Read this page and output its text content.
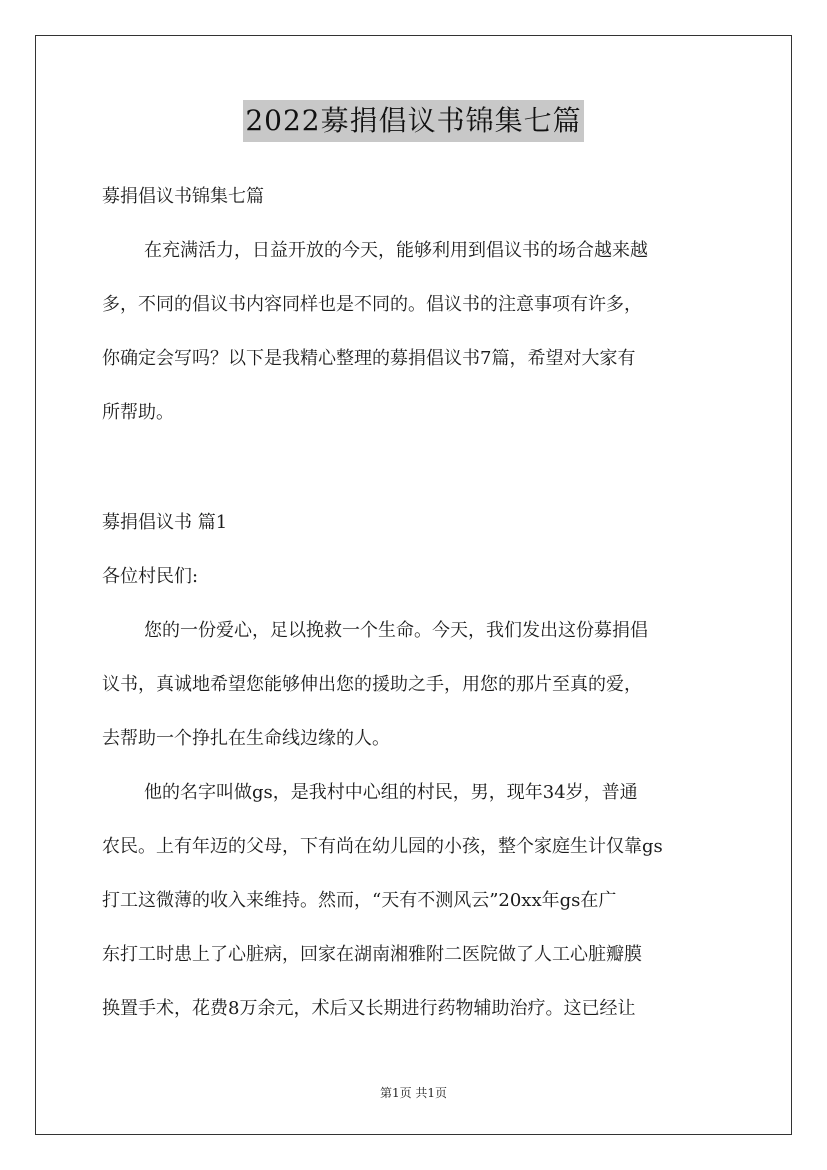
2022募捐倡议书锦集七篇
募捐倡议书锦集七篇
在充满活力，日益开放的今天，能够利用到倡议书的场合越来越
多，不同的倡议书内容同样也是不同的。倡议书的注意事项有许多，
你确定会写吗？以下是我精心整理的募捐倡议书7篇，希望对大家有
所帮助。
募捐倡议书 篇1
各位村民们:
您的一份爱心，足以挽救一个生命。今天，我们发出这份募捐倡
议书，真诚地希望您能够伸出您的援助之手，用您的那片至真的爱，
去帮助一个挣扎在生命线边缘的人。
他的名字叫做gs，是我村中心组的村民，男，现年34岁，普通
农民。上有年迈的父母，下有尚在幼儿园的小孩，整个家庭生计仅靠gs
打工这微薄的收入来维持。然而，“天有不测风云”20xx年gs在广
东打工时患上了心脏病，回家在湖南湘雅附二医院做了人工心脏瓣膜
换置手术，花费8万余元，术后又长期进行药物辅助治疗。这已经让
第1页 共1页
